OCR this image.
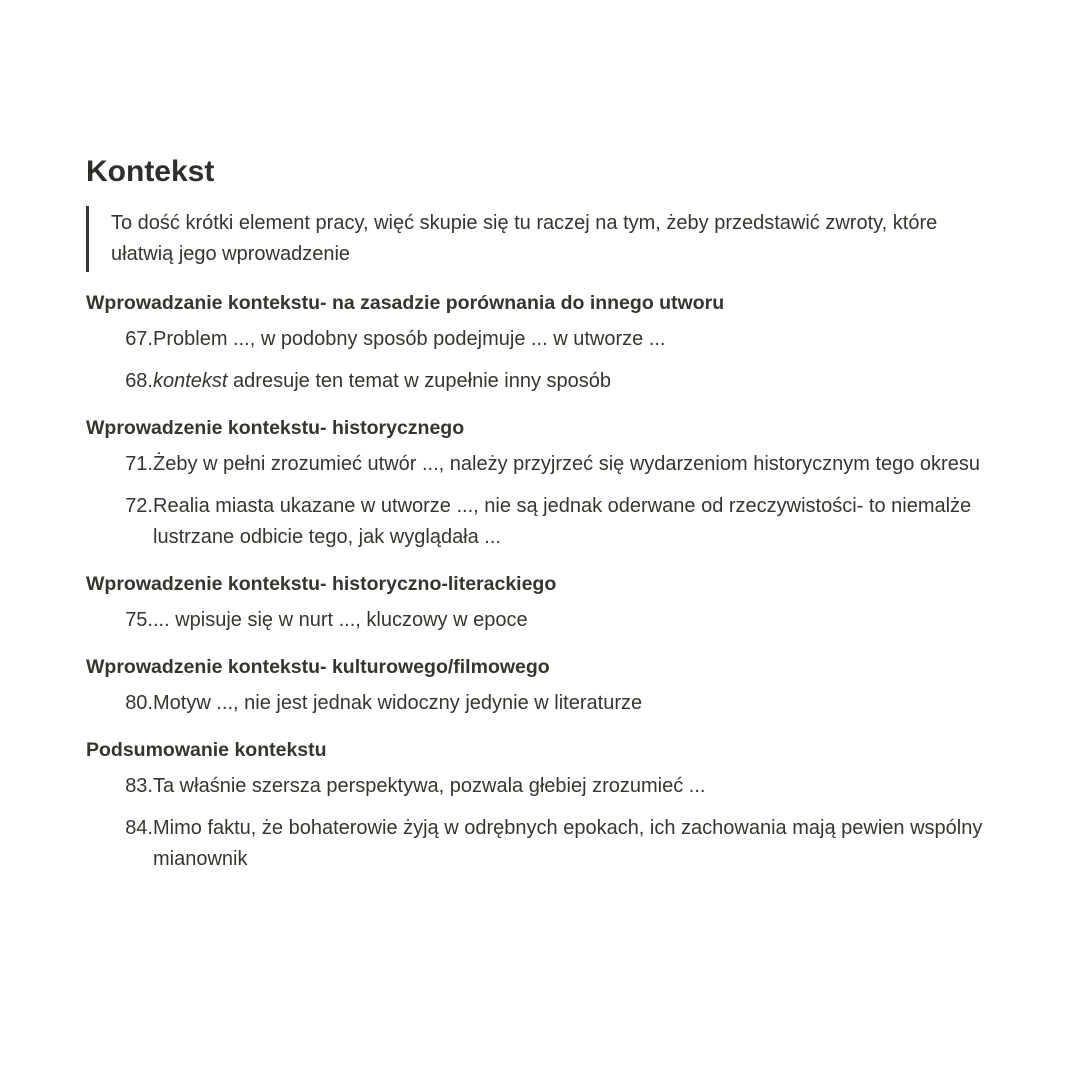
Kontekst
To dość krótki element pracy, więć skupie się tu raczej na tym, żeby przedstawić zwroty, które ułatwią jego wprowadzenie
Wprowadzanie kontekstu- na zasadzie porównania do innego utworu
67. Problem ..., w podobny sposób podejmuje ... w utworze ...
68. kontekst adresuje ten temat w zupełnie inny sposób
Wprowadzenie kontekstu- historycznego
71. Żeby w pełni zrozumieć utwór ..., należy przyjrzeć się wydarzeniom historycznym tego okresu
72. Realia miasta ukazane w utworze ..., nie są jednak oderwane od rzeczywistości- to niemalże lustrzane odbicie tego, jak wyglądała ...
Wprowadzenie kontekstu- historyczno-literackiego
75. ... wpisuje się w nurt ..., kluczowy w epoce
Wprowadzenie kontekstu- kulturowego/filmowego
80. Motyw ..., nie jest jednak widoczny jedynie w literaturze
Podsumowanie kontekstu
83. Ta właśnie szersza perspektywa, pozwala głebiej zrozumieć ...
84. Mimo faktu, że bohaterowie żyją w odrębnych epokach, ich zachowania mają pewien wspólny mianownik
